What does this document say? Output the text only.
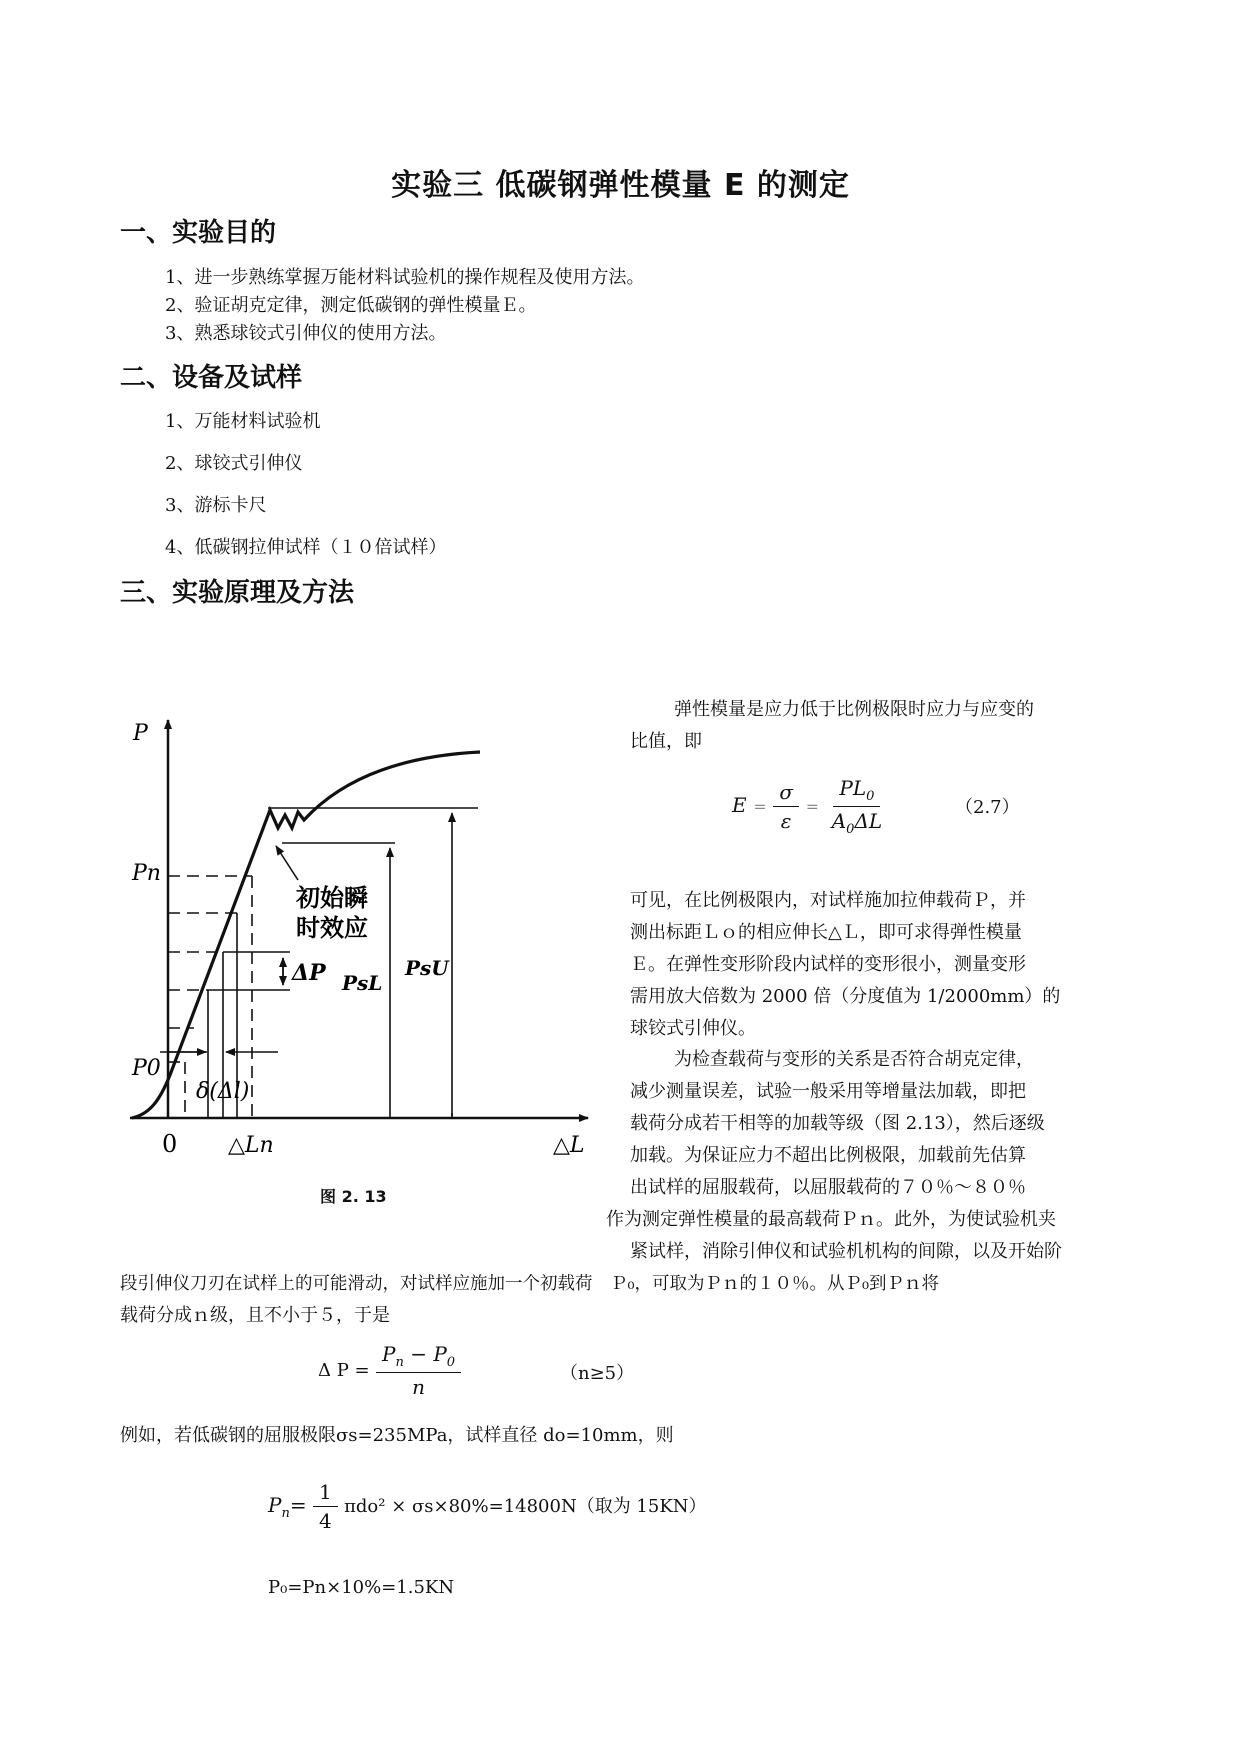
实验三 低碳钢弹性模量 E 的测定
一、实验目的
1、进一步熟练掌握万能材料试验机的操作规程及使用方法。
2、验证胡克定律，测定低碳钢的弹性模量Ｅ。
3、熟悉球铰式引伸仪的使用方法。
二、设备及试样
1、万能材料试验机
2、球铰式引伸仪
3、游标卡尺
4、低碳钢拉伸试样（１０倍试样）
三、实验原理及方法
P
Pn
P0
0 △Ln	△L
ΔP
δ(Δl)
PsL
PsU
初始瞬
时效应
图 2. 13
弹性模量是应力低于比例极限时应力与应变的
比值，即
$E = \frac{\sigma}{\varepsilon} = \frac{PL_0}{A_0\Delta L}$	（2.7）
可见，在比例极限内，对试样施加拉伸载荷Ｐ，并
测出标距Ｌｏ的相应伸长△Ｌ，即可求得弹性模量
Ｅ。在弹性变形阶段内试样的变形很小，测量变形
需用放大倍数为 2000 倍（分度值为 1/2000mm）的
球铰式引伸仪。
为检查载荷与变形的关系是否符合胡克定律，
减少测量误差，试验一般采用等增量法加载，即把
载荷分成若干相等的加载等级（图 2.13），然后逐级
加载。为保证应力不超出比例极限，加载前先估算
出试样的屈服载荷，以屈服载荷的７０％～８０％
作为测定弹性模量的最高载荷Ｐｎ。此外，为使试验机夹
紧试样，消除引伸仪和试验机机构的间隙，以及开始阶
段引伸仪刀刃在试样上的可能滑动，对试样应施加一个初载荷　Ｐ₀，可取为Ｐｎ的１０％。从Ｐ₀到Ｐｎ将
载荷分成ｎ级，且不小于５，于是
Δ $P = \frac{P_n - P_0}{n}$	（n≥5）
例如，若低碳钢的屈服极限σs=235MPa，试样直径 do=10mm，则
$P_n= \frac{1}{4} \pi do^2 \times \sigma s\times 80\%=14800N$（取为 15KN）
P₀=Pn×10%=1.5KN
